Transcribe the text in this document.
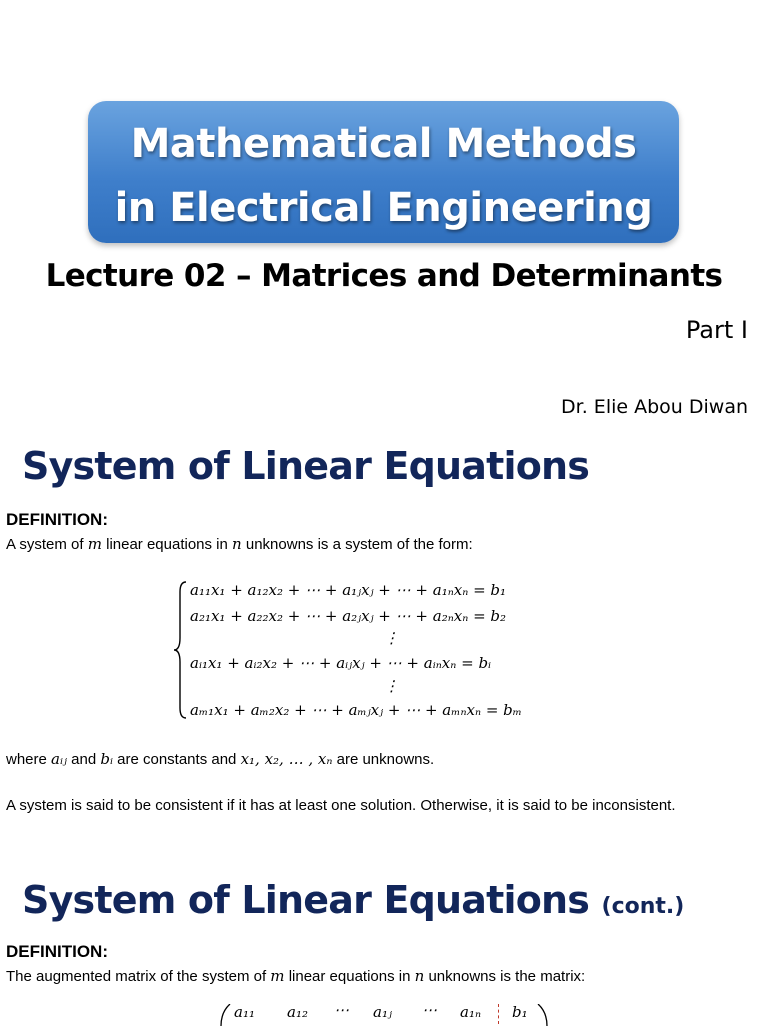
Mathematical Methods
in Electrical Engineering
Lecture 02 – Matrices and Determinants
Part I
Dr. Elie Abou Diwan
System of Linear Equations
DEFINITION:
A system of m linear equations in n unknowns is a system of the form:
a₁₁x₁ + a₁₂x₂ + ⋯ + a₁ⱼxⱼ + ⋯ + a₁ₙxₙ = b₁
a₂₁x₁ + a₂₂x₂ + ⋯ + a₂ⱼxⱼ + ⋯ + a₂ₙxₙ = b₂
⋮
aᵢ₁x₁ + aᵢ₂x₂ + ⋯ + aᵢⱼxⱼ + ⋯ + aᵢₙxₙ = bᵢ
⋮
aₘ₁x₁ + aₘ₂x₂ + ⋯ + aₘⱼxⱼ + ⋯ + aₘₙxₙ = bₘ
where aᵢⱼ and bᵢ are constants and x₁, x₂, … , xₙ are unknowns.
A system is said to be consistent if it has at least one solution. Otherwise, it is said to be inconsistent.
System of Linear Equations (cont.)
DEFINITION:
The augmented matrix of the system of m linear equations in n unknowns is the matrix:
a₁₁ a₁₂ ⋯ a₁ⱼ ⋯ a₁ₙ b₁
